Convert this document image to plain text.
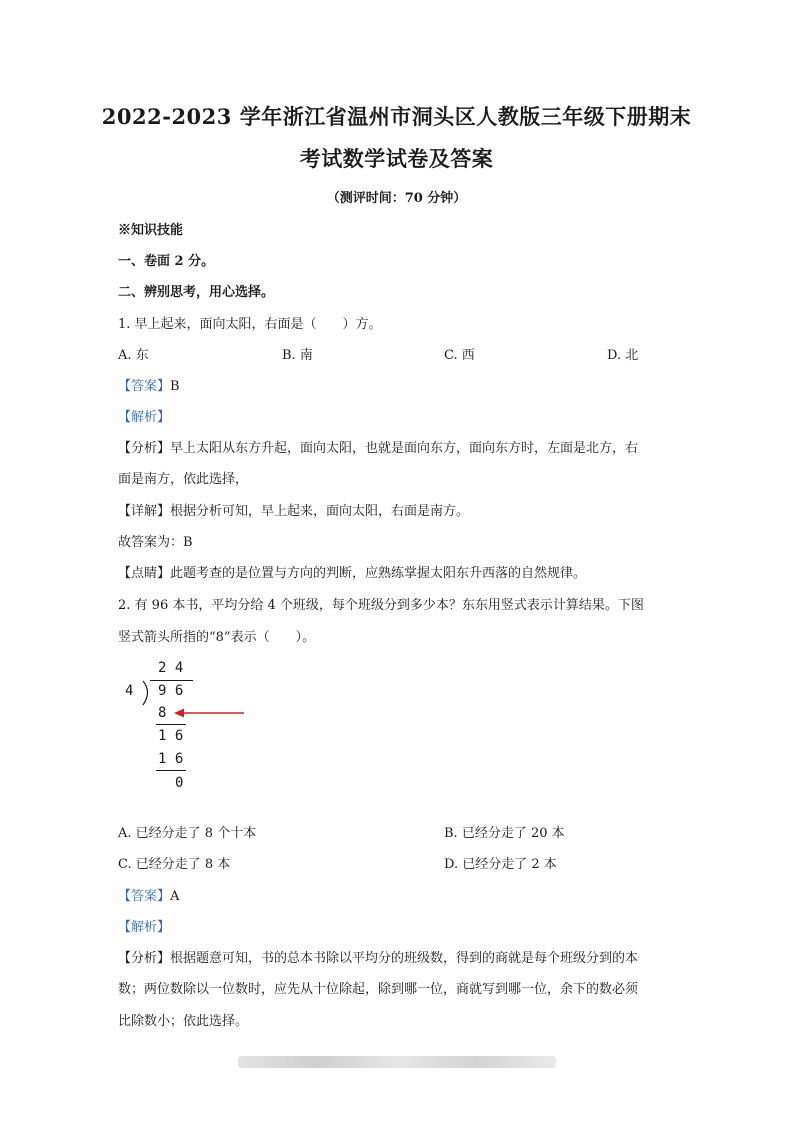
2022-2023 学年浙江省温州市洞头区人教版三年级下册期末
考试数学试卷及答案
（测评时间：70 分钟）
※知识技能
一、卷面 2 分。
二、辨别思考，用心选择。
1. 早上起来，面向太阳，右面是（　　）方。
A. 东	B. 南	C. 西	D. 北
【答案】B
【解析】
【分析】早上太阳从东方升起，面向太阳，也就是面向东方，面向东方时，左面是北方，右
面是南方，依此选择，
【详解】根据分析可知，早上起来，面向太阳，右面是南方。
故答案为：B
【点睛】此题考查的是位置与方向的判断，应熟练掌握太阳东升西落的自然规律。
2. 有 96 本书，平均分给 4 个班级，每个班级分到多少本？东东用竖式表示计算结果。下图
竖式箭头所指的“8”表示（　　）。
2 4
4 9 6
8
1 6
1 6
0
A. 已经分走了 8 个十本	B. 已经分走了 20 本
C. 已经分走了 8 本	D. 已经分走了 2 本
【答案】A
【解析】
【分析】根据题意可知，书的总本书除以平均分的班级数，得到的商就是每个班级分到的本
数；两位数除以一位数时，应先从十位除起，除到哪一位，商就写到哪一位，余下的数必须
比除数小；依此选择。
